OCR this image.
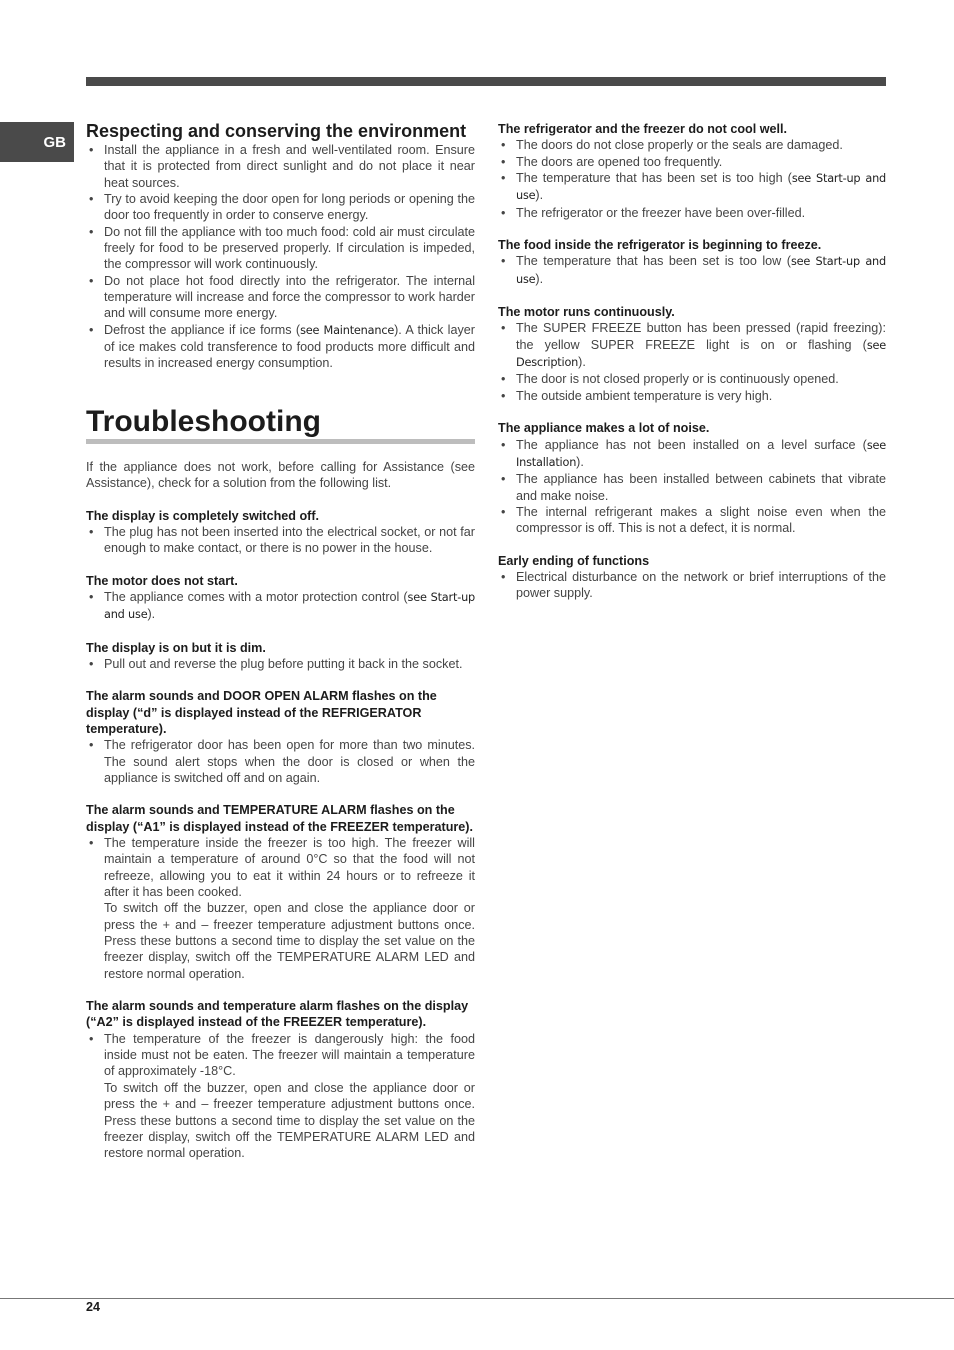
GB
Respecting and conserving the environment
• Install the appliance in a fresh and well-ventilated room. Ensure that it is protected from direct sunlight and do not place it near heat sources.
• Try to avoid keeping the door open for long periods or opening the door too frequently in order to conserve energy.
• Do not fill the appliance with too much food: cold air must circulate freely for food to be preserved properly. If circulation is impeded, the compressor will work continuously.
• Do not place hot food directly into the refrigerator. The internal temperature will increase and force the compressor to work harder and will consume more energy.
• Defrost the appliance if ice forms (see Maintenance). A thick layer of ice makes cold transference to food products more difficult and results in increased energy consumption.
Troubleshooting

If the appliance does not work, before calling for Assistance (see Assistance), check for a solution from the following list.

The display is completely switched off.
• The plug has not been inserted into the electrical socket, or not far enough to make contact, or there is no power in the house.
The motor does not start.
• The appliance comes with a motor protection control (see Start-up and use).
The display is on but it is dim.
• Pull out and reverse the plug before putting it back in the socket.
The alarm sounds and DOOR OPEN ALARM flashes on the display (“d” is displayed instead of the REFRIGERATOR temperature).
• The refrigerator door has been open for more than two minutes. The sound alert stops when the door is closed or when the appliance is switched off and on again.
The alarm sounds and TEMPERATURE ALARM flashes on the display (“A1” is displayed instead of the FREEZER temperature).
• The temperature inside the freezer is too high. The freezer will maintain a temperature of around 0°C so that the food will not refreeze, allowing you to eat it within 24 hours or to refreeze it after it has been cooked.
To switch off the buzzer, open and close the appliance door or press the + and – freezer temperature adjustment buttons once. Press these buttons a second time to display the set value on the freezer display, switch off the TEMPERATURE ALARM LED and restore normal operation.
The alarm sounds and temperature alarm flashes on the display (“A2” is displayed instead of the FREEZER temperature).
• The temperature of the freezer is dangerously high: the food inside must not be eaten. The freezer will maintain a temperature of approximately -18°C.
To switch off the buzzer, open and close the appliance door or press the + and – freezer temperature adjustment buttons once. Press these buttons a second time to display the set value on the freezer display, switch off the TEMPERATURE ALARM LED and restore normal operation.
The refrigerator and the freezer do not cool well.
• The doors do not close properly or the seals are damaged.
• The doors are opened too frequently.
• The temperature that has been set is too high (see Start-up and use).
• The refrigerator or the freezer have been over-filled.
The food inside the refrigerator is beginning to freeze.
• The temperature that has been set is too low (see Start-up and use).
The motor runs continuously.
• The SUPER FREEZE button has been pressed (rapid freezing): the yellow SUPER FREEZE light is on or flashing (see Description).
• The door is not closed properly or is continuously opened.
• The outside ambient temperature is very high.
The appliance makes a lot of noise.
• The appliance has not been installed on a level surface (see Installation).
• The appliance has been installed between cabinets that vibrate and make noise.
• The internal refrigerant makes a slight noise even when the compressor is off. This is not a defect, it is normal.
Early ending of functions
• Electrical disturbance on the network or brief interruptions of the power supply.
24
